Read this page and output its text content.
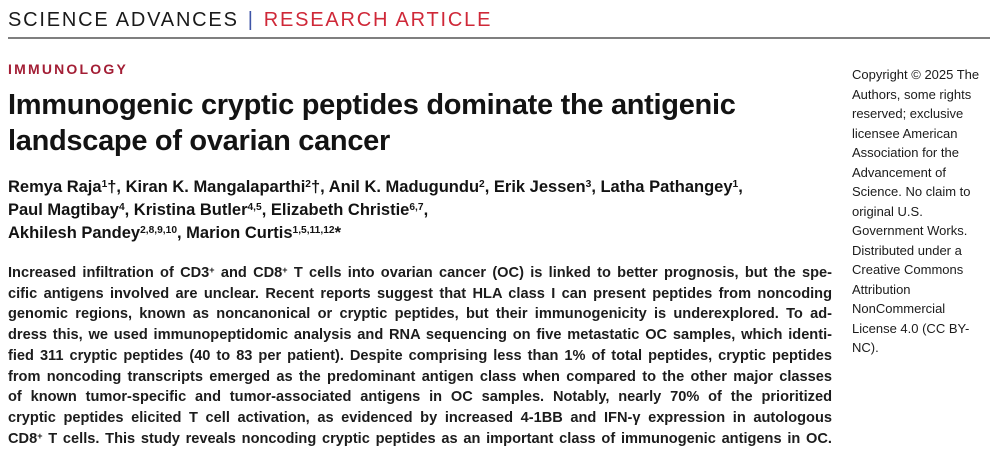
SCIENCE ADVANCES | RESEARCH ARTICLE
IMMUNOLOGY
Immunogenic cryptic peptides dominate the antigenic
landscape of ovarian cancer
Remya Raja$^1$†, Kiran K. Mangalaparthi$^2$†, Anil K. Madugundu$^2$, Erik Jessen$^3$, Latha Pathangey$^1$,
Paul Magtibay$^4$, Kristina Butler$^{4,5}$, Elizabeth Christie$^{6,7}$,
Akhilesh Pandey$^{2,8,9,10}$, Marion Curtis$^{1,5,11,12}$*
Increased infiltration of CD3+ and CD8+ T cells into ovarian cancer (OC) is linked to better prognosis, but the spe-
cific antigens involved are unclear. Recent reports suggest that HLA class I can present peptides from noncoding
genomic regions, known as noncanonical or cryptic peptides, but their immunogenicity is underexplored. To ad-
dress this, we used immunopeptidomic analysis and RNA sequencing on five metastatic OC samples, which identi-
fied 311 cryptic peptides (40 to 83 per patient). Despite comprising less than 1% of total peptides, cryptic peptides
from noncoding transcripts emerged as the predominant antigen class when compared to the other major classes
of known tumor-specific and tumor-associated antigens in OC samples. Notably, nearly 70% of the prioritized
cryptic peptides elicited T cell activation, as evidenced by increased 4-1BB and IFN-γ expression in autologous
CD8+ T cells. This study reveals noncoding cryptic peptides as an important class of immunogenic antigens in OC.
Copyright © 2025 The Authors, some rights reserved; exclusive licensee American Association for the Advancement of Science. No claim to original U.S. Government Works. Distributed under a Creative Commons Attribution NonCommercial License 4.0 (CC BY-NC).
